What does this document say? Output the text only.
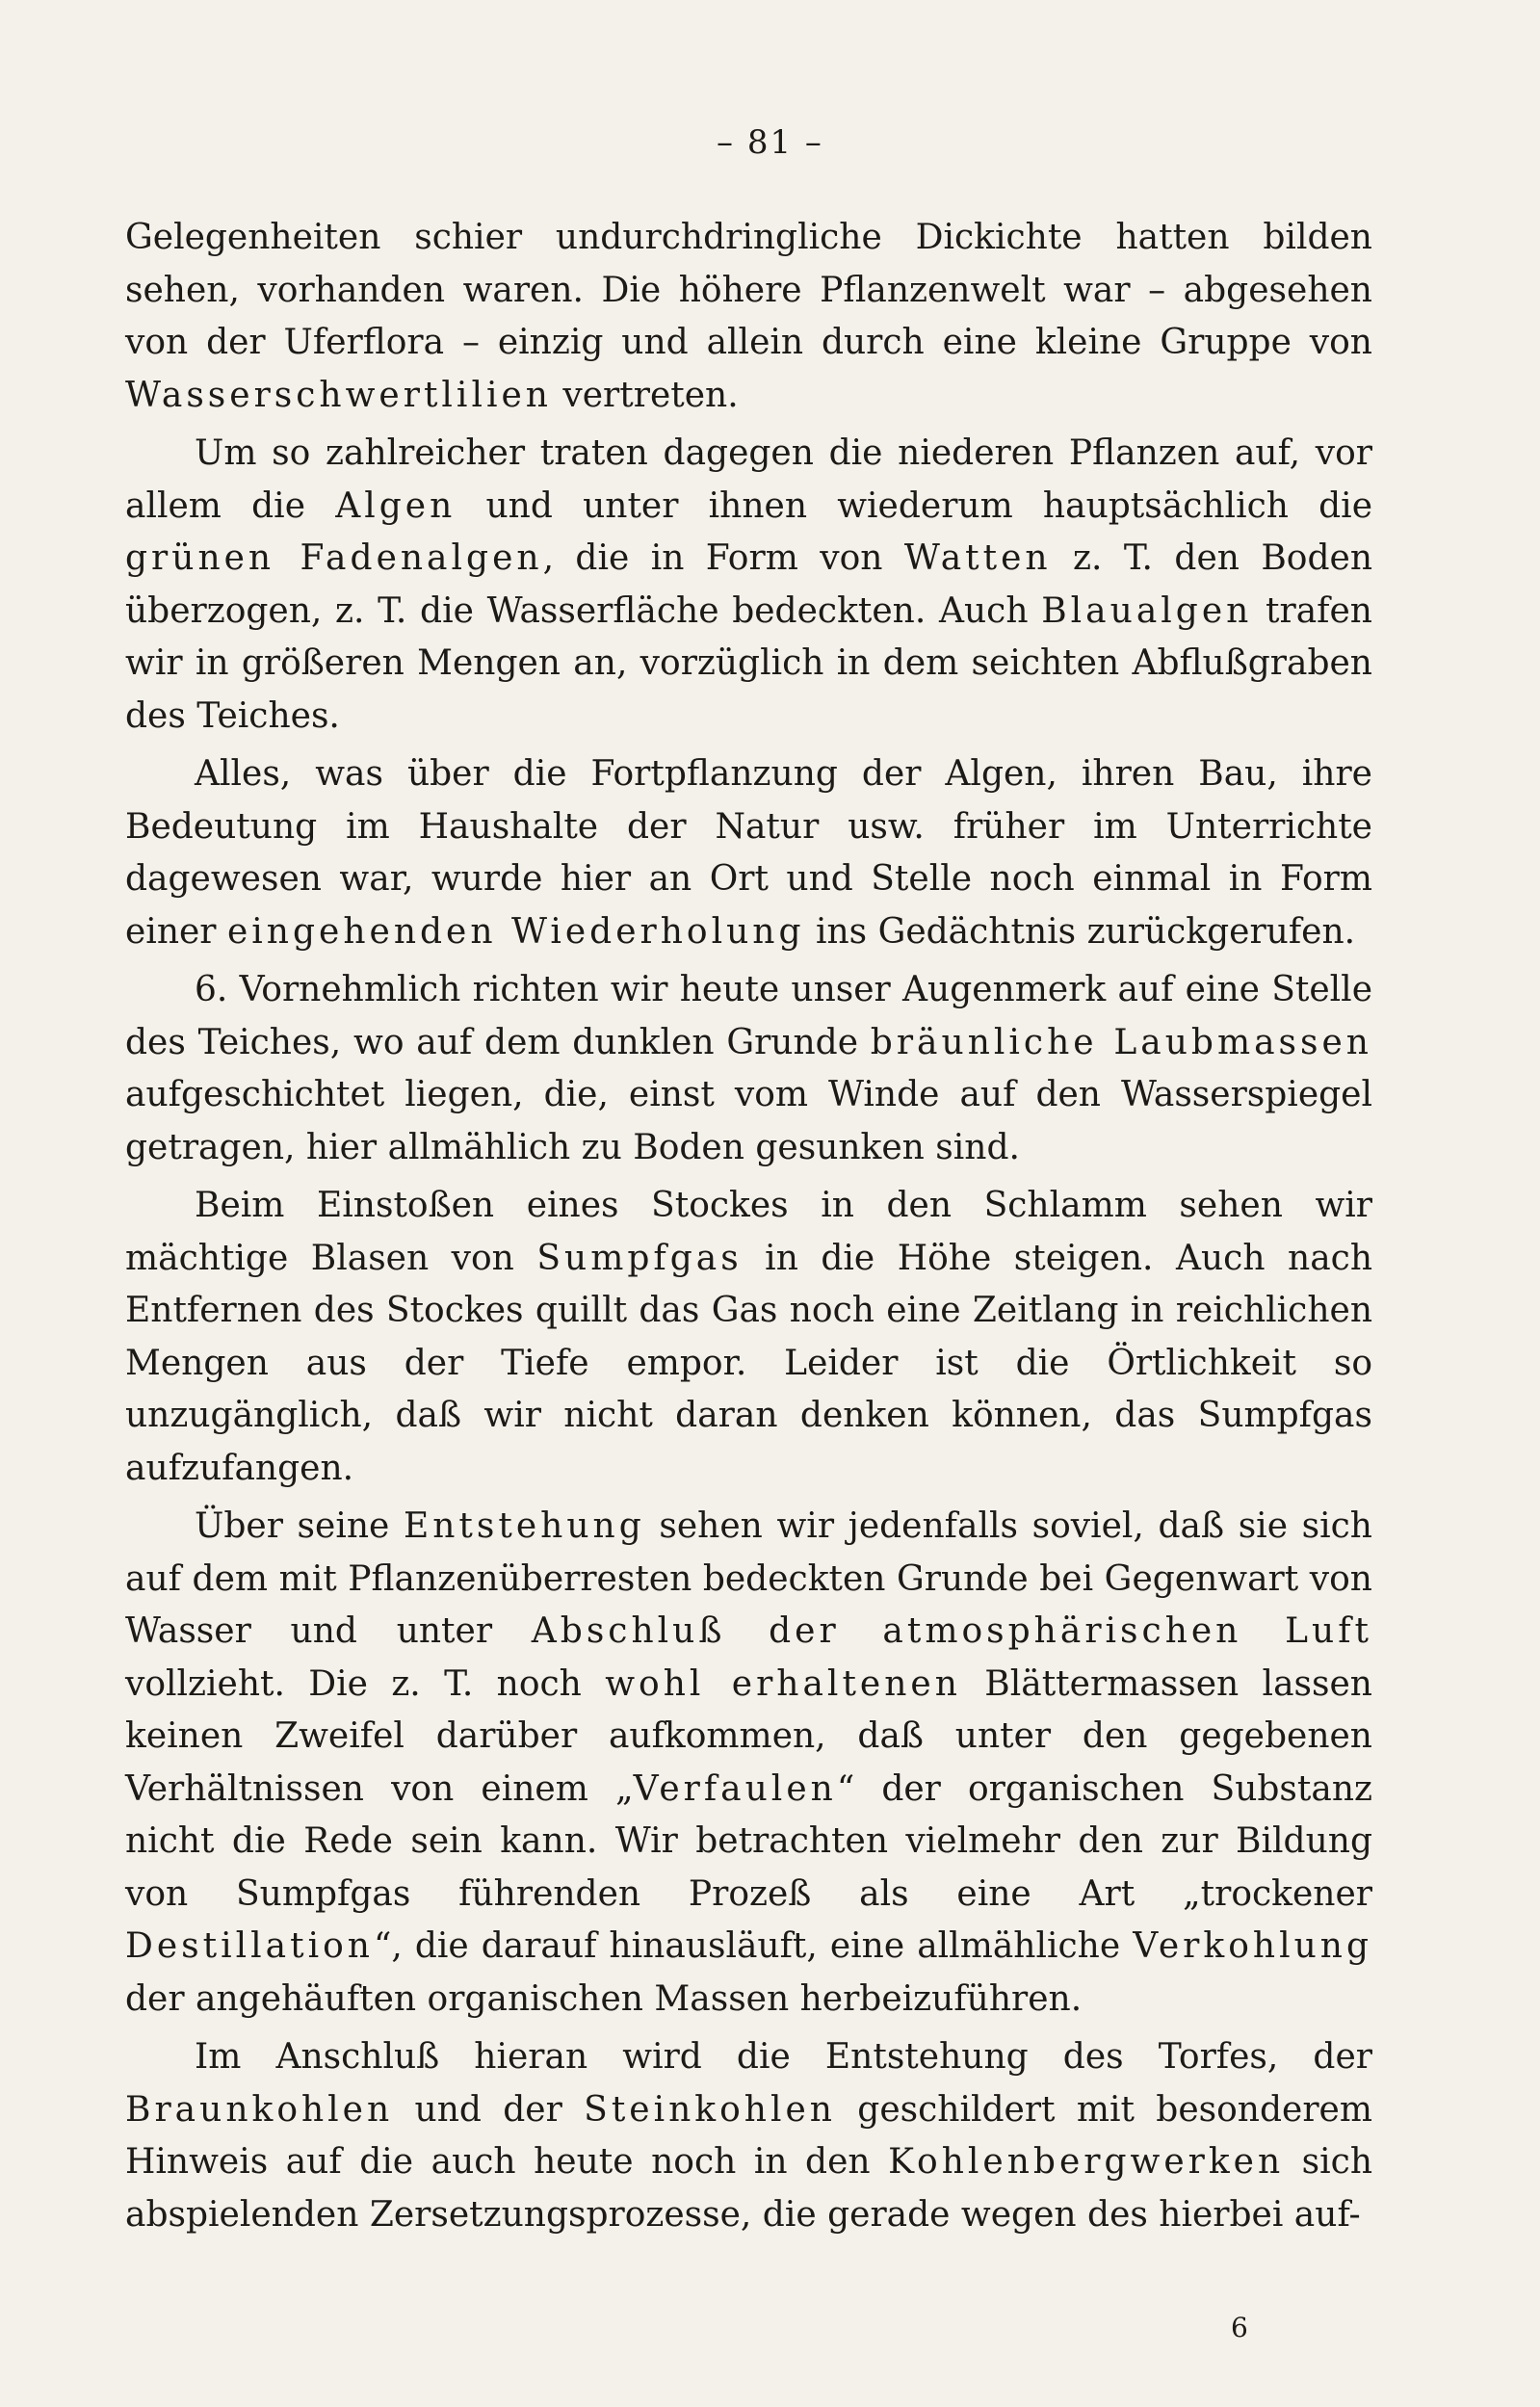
– 81 –

Gelegenheiten schier undurchdringliche Dickichte hatten bilden sehen, vorhanden waren. Die höhere Pflanzenwelt war – abgesehen von der Uferflora – einzig und allein durch eine kleine Gruppe von Wasserschwertlilien vertreten.

Um so zahlreicher traten dagegen die niederen Pflanzen auf, vor allem die Algen und unter ihnen wiederum hauptsächlich die grünen Fadenalgen, die in Form von Watten z. T. den Boden überzogen, z. T. die Wasserfläche bedeckten. Auch Blaualgen trafen wir in größeren Mengen an, vorzüglich in dem seichten Abflußgraben des Teiches.

Alles, was über die Fortpflanzung der Algen, ihren Bau, ihre Bedeutung im Haushalte der Natur usw. früher im Unterrichte dagewesen war, wurde hier an Ort und Stelle noch einmal in Form einer eingehenden Wiederholung ins Gedächtnis zurückgerufen.

6. Vornehmlich richten wir heute unser Augenmerk auf eine Stelle des Teiches, wo auf dem dunklen Grunde bräunliche Laubmassen aufgeschichtet liegen, die, einst vom Winde auf den Wasserspiegel getragen, hier allmählich zu Boden gesunken sind.

Beim Einstoßen eines Stockes in den Schlamm sehen wir mächtige Blasen von Sumpfgas in die Höhe steigen. Auch nach Entfernen des Stockes quillt das Gas noch eine Zeitlang in reichlichen Mengen aus der Tiefe empor. Leider ist die Örtlichkeit so unzugänglich, daß wir nicht daran denken können, das Sumpfgas aufzufangen.

Über seine Entstehung sehen wir jedenfalls soviel, daß sie sich auf dem mit Pflanzenüberresten bedeckten Grunde bei Gegenwart von Wasser und unter Abschluß der atmosphärischen Luft vollzieht. Die z. T. noch wohl erhaltenen Blättermassen lassen keinen Zweifel darüber aufkommen, daß unter den gegebenen Verhältnissen von einem „Verfaulen“ der organischen Substanz nicht die Rede sein kann. Wir betrachten vielmehr den zur Bildung von Sumpfgas führenden Prozeß als eine Art „trockener Destillation“, die darauf hinausläuft, eine allmähliche Verkohlung der angehäuften organischen Massen herbeizuführen.

Im Anschluß hieran wird die Entstehung des Torfes, der Braunkohlen und der Steinkohlen geschildert mit besonderem Hinweis auf die auch heute noch in den Kohlenbergwerken sich abspielenden Zersetzungsprozesse, die gerade wegen des hierbei auf-

6
